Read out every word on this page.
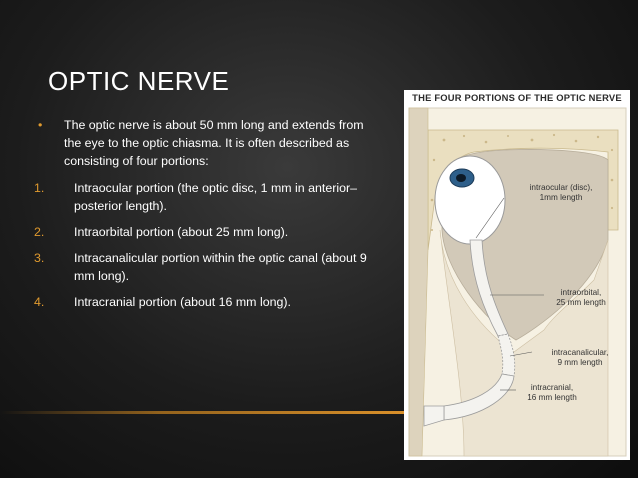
OPTIC NERVE
•	The optic nerve is about 50 mm long and extends from the eye to the optic chiasma. It is often described as consisting of four portions:
1.	Intraocular portion (the optic disc, 1 mm in anterior–posterior length).
2.	Intraorbital portion (about 25 mm long).
3.	Intracanalicular portion within the optic canal (about 9 mm long).
4.	Intracranial portion (about 16 mm long).
THE FOUR PORTIONS OF THE OPTIC NERVE
intraocular (disc),
1mm length
intraorbital,
25 mm length
intracanalicular,
9 mm length
intracranial,
16 mm length
